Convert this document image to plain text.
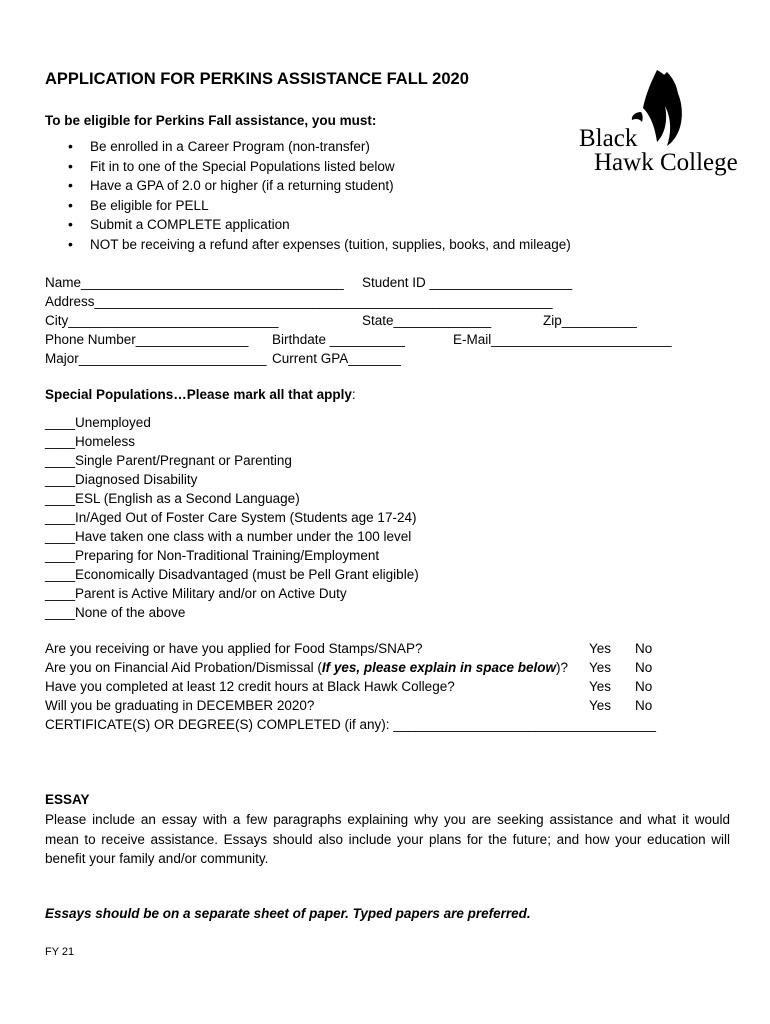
APPLICATION FOR PERKINS ASSISTANCE FALL 2020
To be eligible for Perkins Fall assistance, you must:
Black
Hawk College
• Be enrolled in a Career Program (non-transfer)
• Fit in to one of the Special Populations listed below
• Have a GPA of 2.0 or higher (if a returning student)
• Be eligible for PELL
• Submit a COMPLETE application
• NOT be receiving a refund after expenses (tuition, supplies, books, and mileage)
Name___________________________________ Student ID ___________________
Address_____________________________________________________________
City____________________________	State_____________	Zip__________
Phone Number_______________ Birthdate __________	E-Mail________________________
Major_________________________ Current GPA_______
Special Populations…Please mark all that apply:
____Unemployed
____Homeless
____Single Parent/Pregnant or Parenting
____Diagnosed Disability
____ESL (English as a Second Language)
____In/Aged Out of Foster Care System (Students age 17-24)
____Have taken one class with a number under the 100 level
____Preparing for Non-Traditional Training/Employment
____Economically Disadvantaged (must be Pell Grant eligible)
____Parent is Active Military and/or on Active Duty
____None of the above
Are you receiving or have you applied for Food Stamps/SNAP?	Yes No
Are you on Financial Aid Probation/Dismissal (If yes, please explain in space below)? Yes No
Have you completed at least 12 credit hours at Black Hawk College?	Yes No
Will you be graduating in DECEMBER 2020?	Yes No
CERTIFICATE(S) OR DEGREE(S) COMPLETED (if any): ___________________________________
ESSAY
Please include an essay with a few paragraphs explaining why you are seeking assistance and what it would mean to receive assistance. Essays should also include your plans for the future; and how your education will benefit your family and/or community.
Essays should be on a separate sheet of paper. Typed papers are preferred.
FY 21
